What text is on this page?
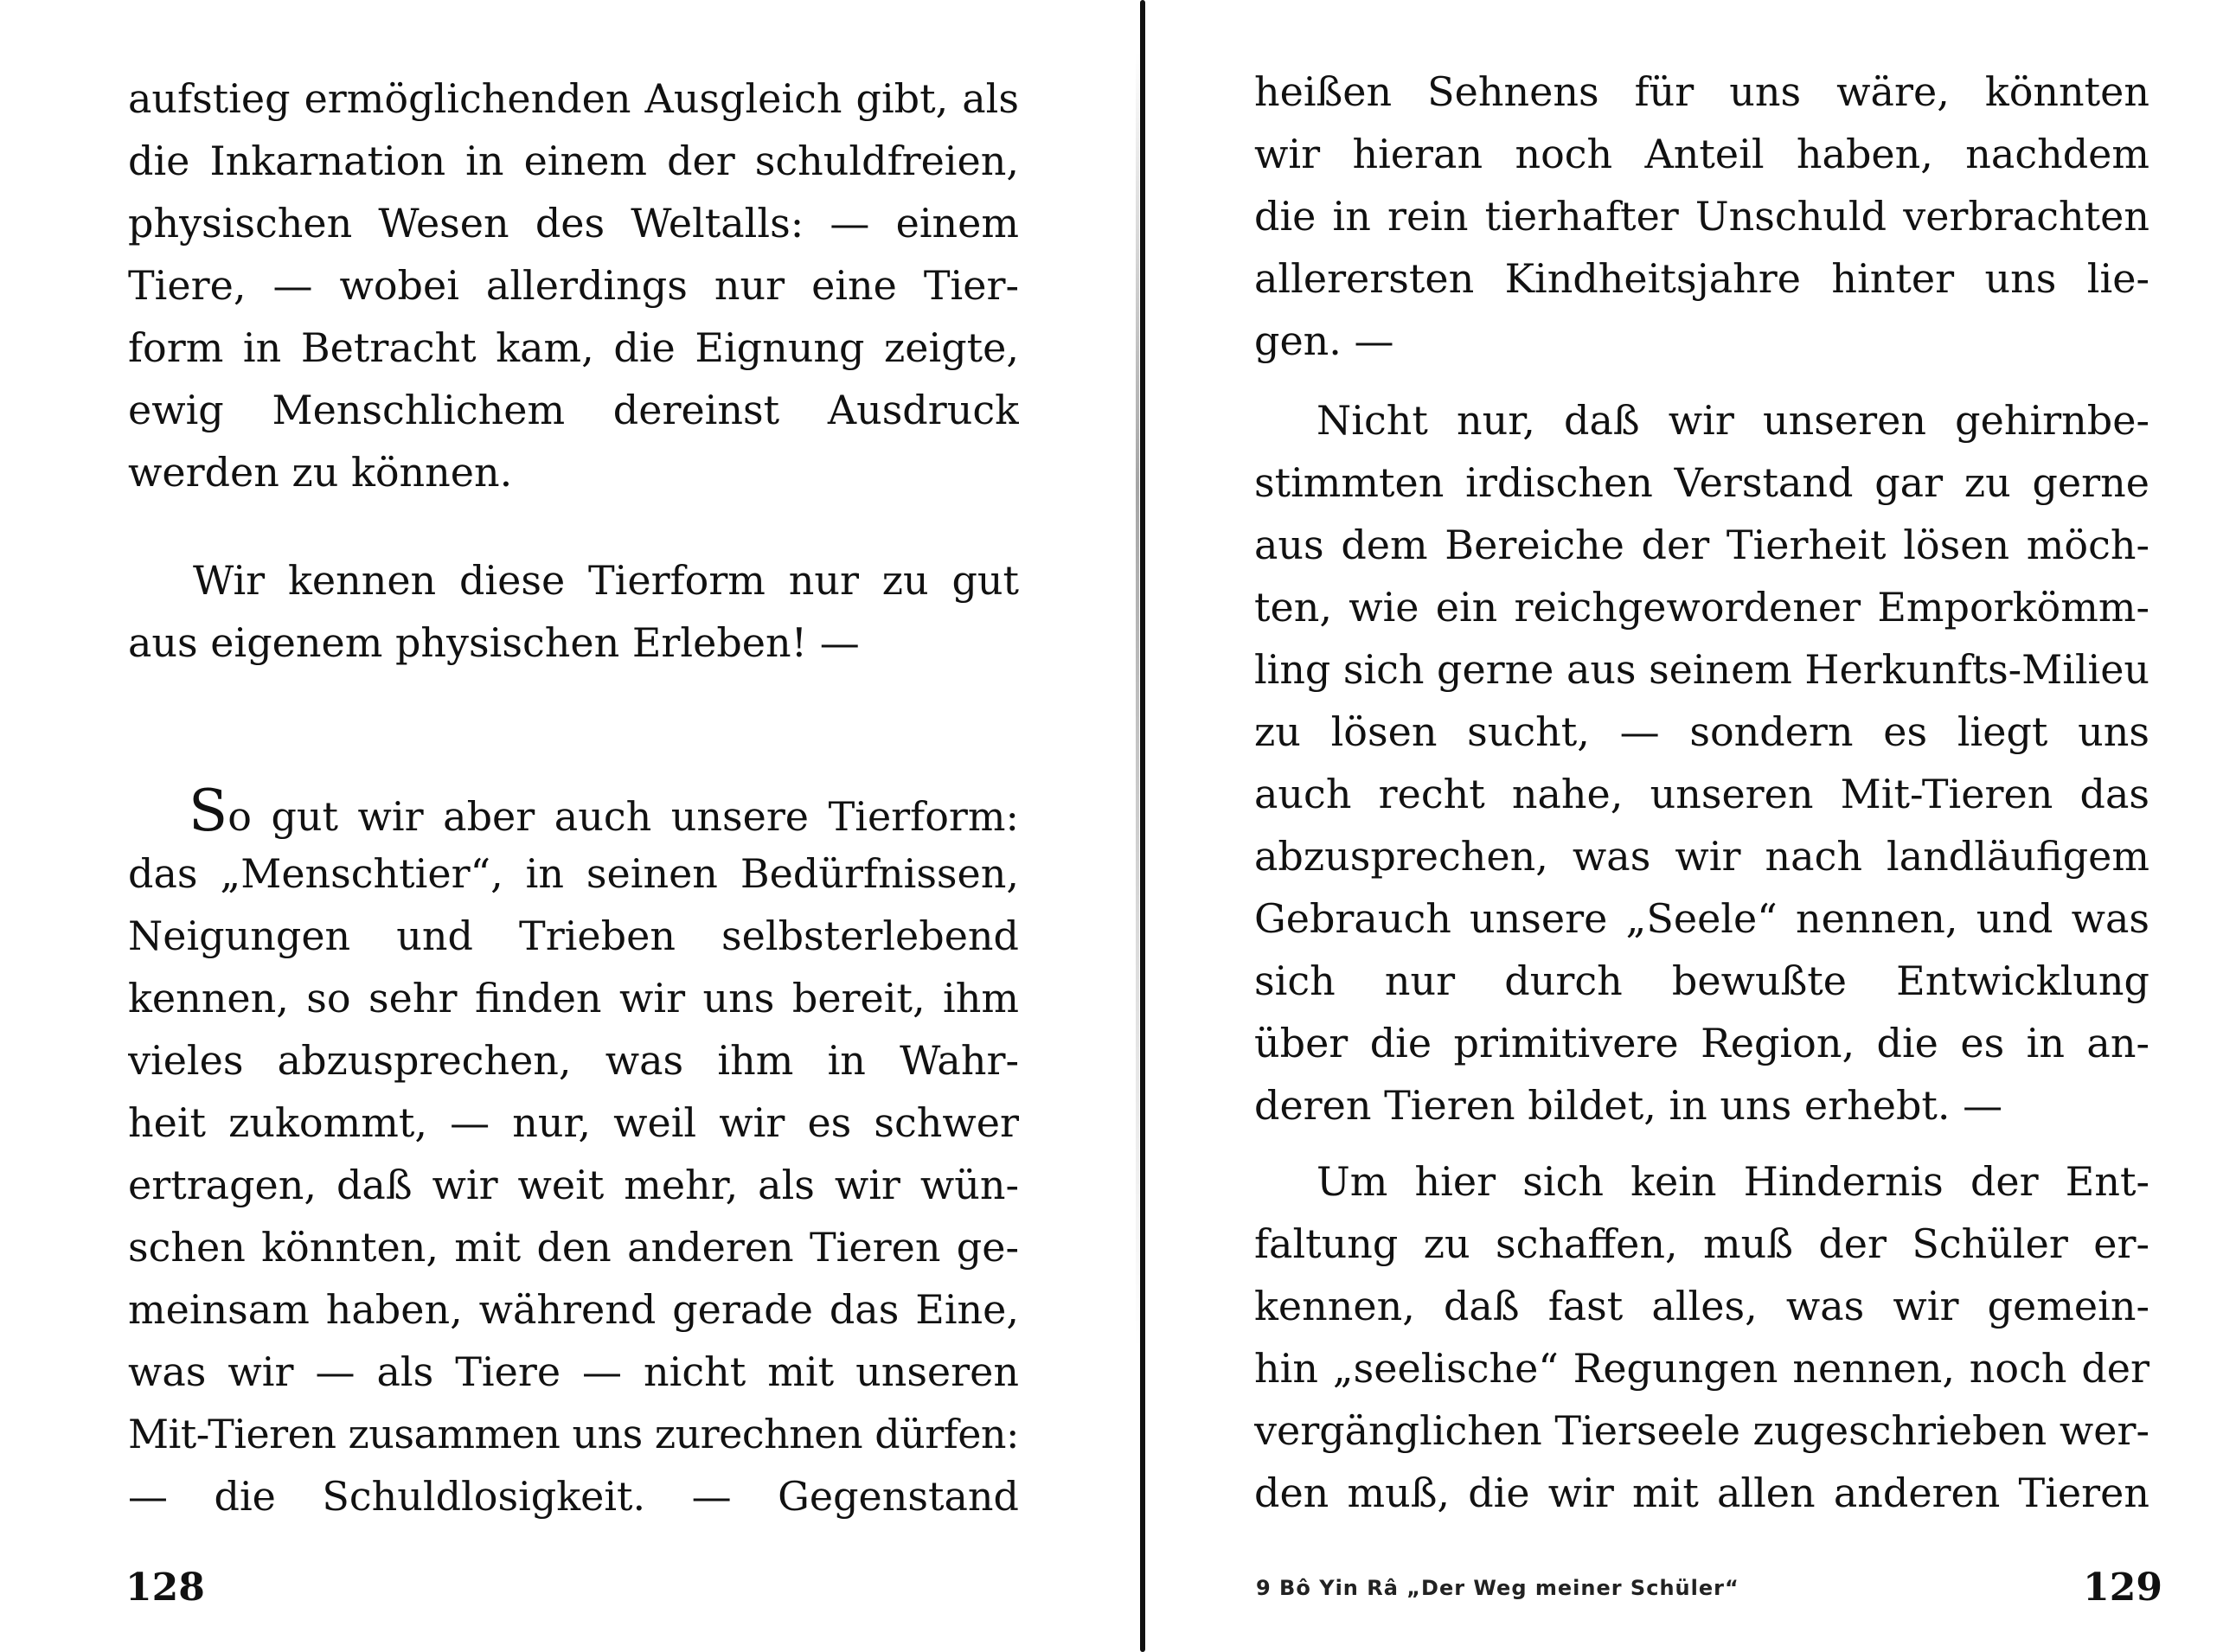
aufstieg ermöglichenden Ausgleich gibt, als
die Inkarnation in einem der schuldfreien,
physischen Wesen des Weltalls: — einem
Tiere, — wobei allerdings nur eine Tier-
form in Betracht kam, die Eignung zeigte,
ewig Menschlichem dereinst Ausdruck
werden zu können.
Wir kennen diese Tierform nur zu gut
aus eigenem physischen Erleben! —
So gut wir aber auch unsere Tierform:
das „Menschtier“, in seinen Bedürfnissen,
Neigungen und Trieben selbsterlebend
kennen, so sehr finden wir uns bereit, ihm
vieles abzusprechen, was ihm in Wahr-
heit zukommt, — nur, weil wir es schwer
ertragen, daß wir weit mehr, als wir wün-
schen könnten, mit den anderen Tieren ge-
meinsam haben, während gerade das Eine,
was wir — als Tiere — nicht mit unseren
Mit-Tieren zusammen uns zurechnen dürfen:
— die Schuldlosigkeit. — Gegenstand
128
heißen Sehnens für uns wäre, könnten
wir hieran noch Anteil haben, nachdem
die in rein tierhafter Unschuld verbrachten
allerersten Kindheitsjahre hinter uns lie-
gen. —
Nicht nur, daß wir unseren gehirnbe-
stimmten irdischen Verstand gar zu gerne
aus dem Bereiche der Tierheit lösen möch-
ten, wie ein reichgewordener Emporkömm-
ling sich gerne aus seinem Herkunfts-Milieu
zu lösen sucht, — sondern es liegt uns
auch recht nahe, unseren Mit-Tieren das
abzusprechen, was wir nach landläufigem
Gebrauch unsere „Seele“ nennen, und was
sich nur durch bewußte Entwicklung
über die primitivere Region, die es in an-
deren Tieren bildet, in uns erhebt. —
Um hier sich kein Hindernis der Ent-
faltung zu schaffen, muß der Schüler er-
kennen, daß fast alles, was wir gemein-
hin „seelische“ Regungen nennen, noch der
vergänglichen Tierseele zugeschrieben wer-
den muß, die wir mit allen anderen Tieren
9 Bô Yin Râ „Der Weg meiner Schüler“	129
